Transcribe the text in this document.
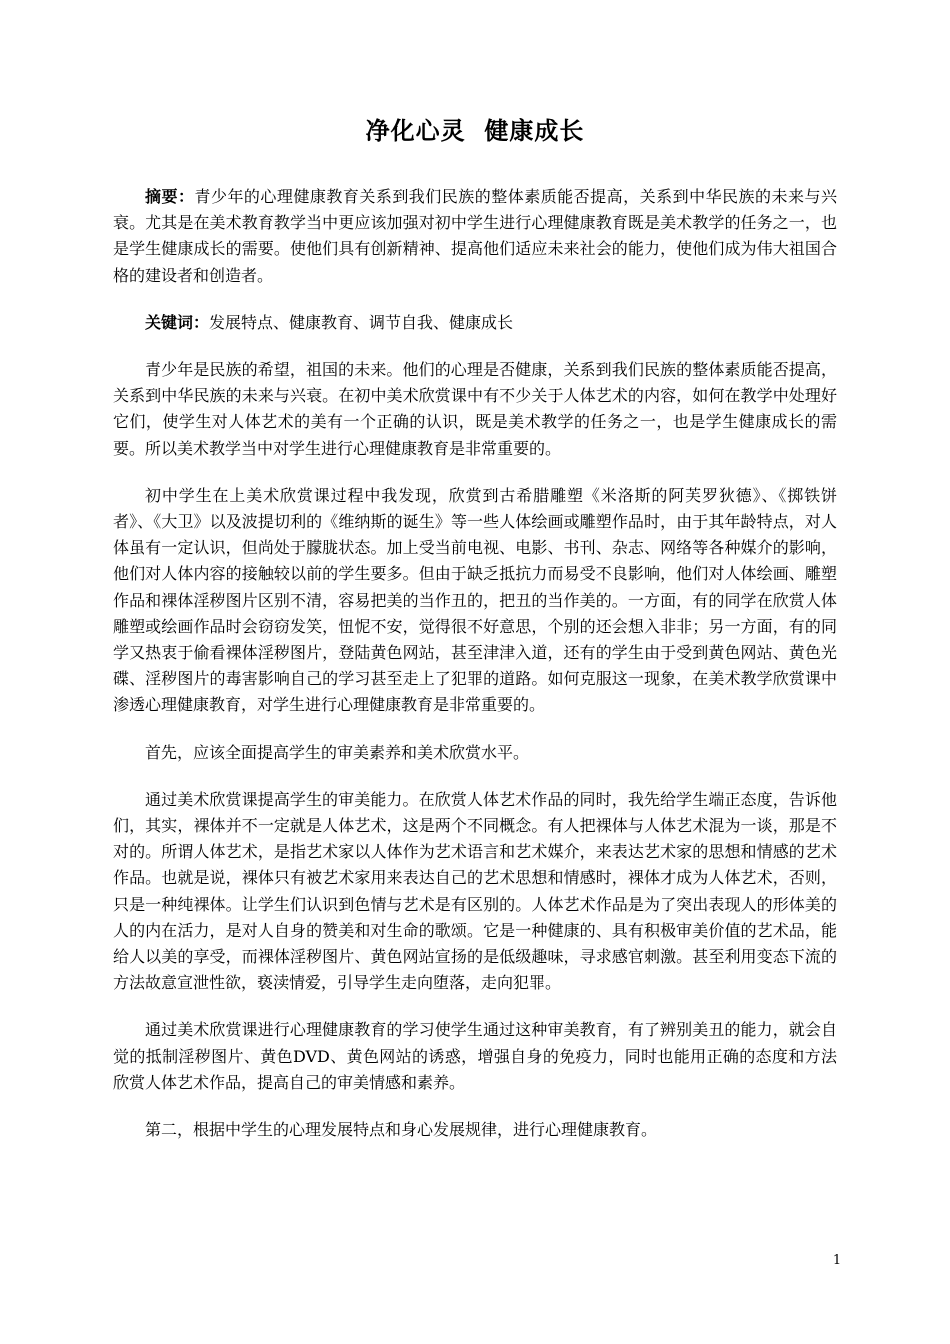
净化心灵  健康成长

摘要：青少年的心理健康教育关系到我们民族的整体素质能否提高，关系到中华民族的未来与兴衰。尤其是在美术教育教学当中更应该加强对初中学生进行心理健康教育既是美术教学的任务之一，也是学生健康成长的需要。使他们具有创新精神、提高他们适应未来社会的能力，使他们成为伟大祖国合格的建设者和创造者。

关键词：发展特点、健康教育、调节自我、健康成长

青少年是民族的希望，祖国的未来。他们的心理是否健康，关系到我们民族的整体素质能否提高，关系到中华民族的未来与兴衰。在初中美术欣赏课中有不少关于人体艺术的内容，如何在教学中处理好它们，使学生对人体艺术的美有一个正确的认识，既是美术教学的任务之一，也是学生健康成长的需要。所以美术教学当中对学生进行心理健康教育是非常重要的。

初中学生在上美术欣赏课过程中我发现，欣赏到古希腊雕塑《米洛斯的阿芙罗狄德》、《掷铁饼者》、《大卫》以及波提切利的《维纳斯的诞生》等一些人体绘画或雕塑作品时，由于其年龄特点，对人体虽有一定认识，但尚处于朦胧状态。加上受当前电视、电影、书刊、杂志、网络等各种媒介的影响，他们对人体内容的接触较以前的学生要多。但由于缺乏抵抗力而易受不良影响，他们对人体绘画、雕塑作品和裸体淫秽图片区别不清，容易把美的当作丑的，把丑的当作美的。一方面，有的同学在欣赏人体雕塑或绘画作品时会窃窃发笑，忸怩不安，觉得很不好意思，个别的还会想入非非；另一方面，有的同学又热衷于偷看裸体淫秽图片，登陆黄色网站，甚至津津入道，还有的学生由于受到黄色网站、黄色光碟、淫秽图片的毒害影响自己的学习甚至走上了犯罪的道路。如何克服这一现象，在美术教学欣赏课中渗透心理健康教育，对学生进行心理健康教育是非常重要的。

首先，应该全面提高学生的审美素养和美术欣赏水平。

通过美术欣赏课提高学生的审美能力。在欣赏人体艺术作品的同时，我先给学生端正态度，告诉他们，其实，裸体并不一定就是人体艺术，这是两个不同概念。有人把裸体与人体艺术混为一谈，那是不对的。所谓人体艺术，是指艺术家以人体作为艺术语言和艺术媒介，来表达艺术家的思想和情感的艺术作品。也就是说，裸体只有被艺术家用来表达自己的艺术思想和情感时，裸体才成为人体艺术，否则，只是一种纯裸体。让学生们认识到色情与艺术是有区别的。人体艺术作品是为了突出表现人的形体美的人的内在活力，是对人自身的赞美和对生命的歌颂。它是一种健康的、具有积极审美价值的艺术品，能给人以美的享受，而裸体淫秽图片、黄色网站宣扬的是低级趣味，寻求感官刺激。甚至利用变态下流的方法故意宣泄性欲，亵渎情爱，引导学生走向堕落，走向犯罪。

通过美术欣赏课进行心理健康教育的学习使学生通过这种审美教育，有了辨别美丑的能力，就会自觉的抵制淫秽图片、黄色DVD、黄色网站的诱惑，增强自身的免疫力，同时也能用正确的态度和方法欣赏人体艺术作品，提高自己的审美情感和素养。

第二，根据中学生的心理发展特点和身心发展规律，进行心理健康教育。

1
